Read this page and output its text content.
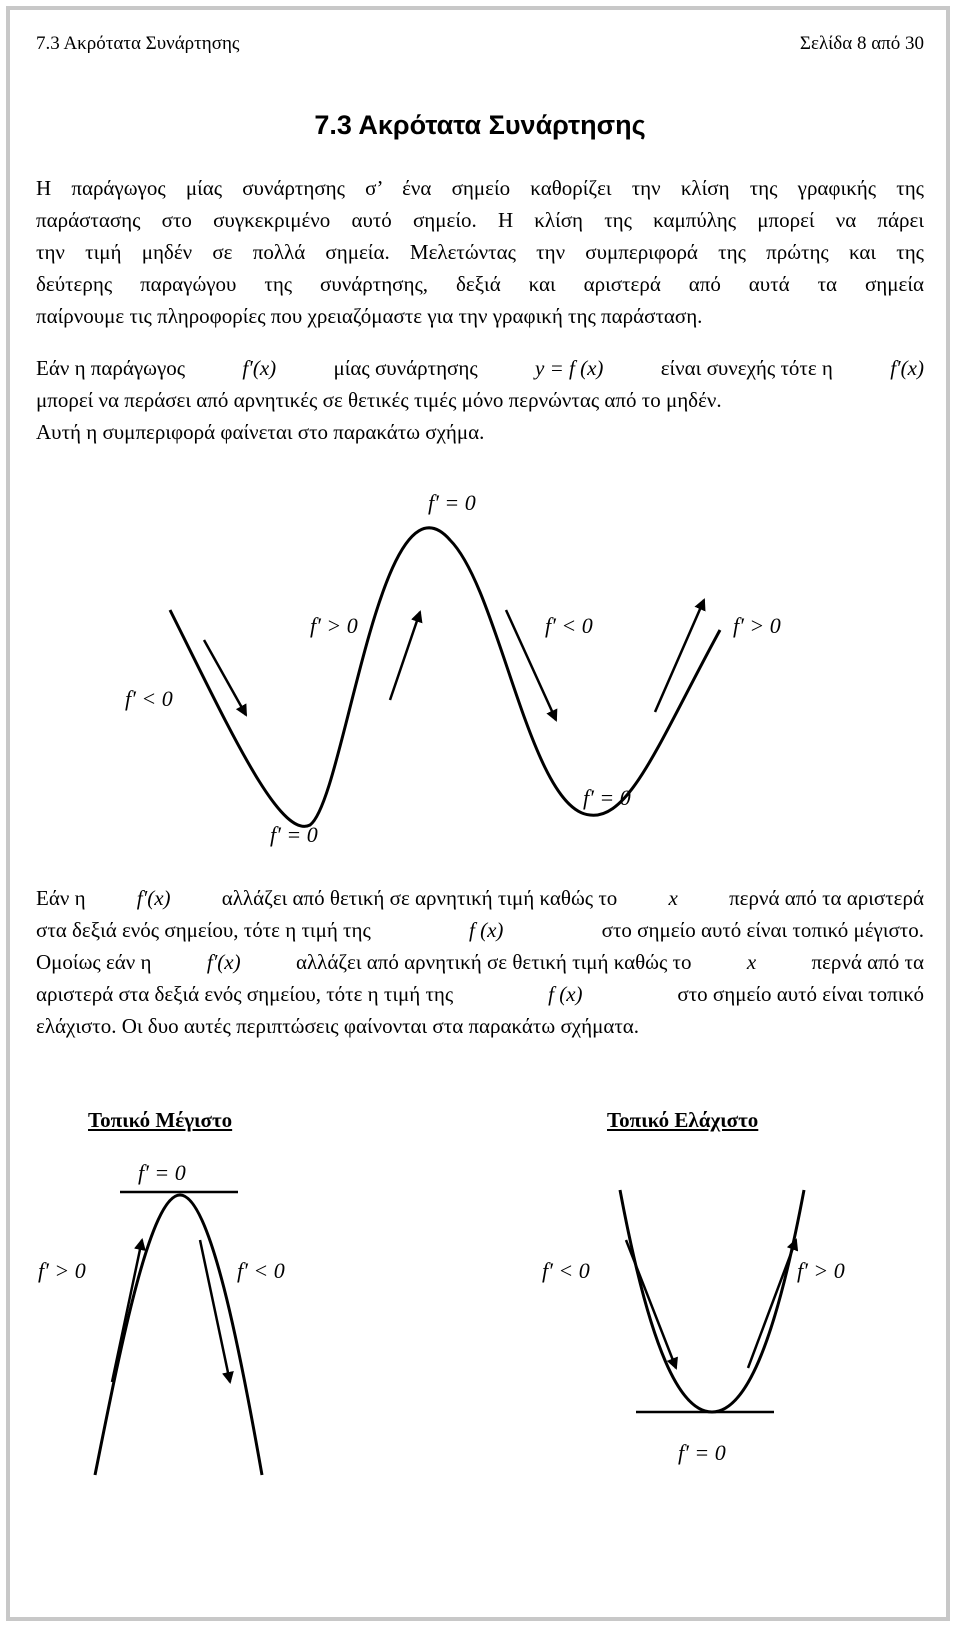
7.3 Ακρότατα Συνάρτησης	Σελίδα 8 από 30
7.3 Ακρότατα Συνάρτησης
Η παράγωγος μίας συνάρτησης σ’ ένα σημείο καθορίζει την κλίση της γραφικής της
παράστασης στο συγκεκριμένο αυτό σημείο. Η κλίση της καμπύλης μπορεί να πάρει
την τιμή μηδέν σε πολλά σημεία. Μελετώντας την συμπεριφορά της πρώτης και της
δεύτερης παραγώγου της συνάρτησης, δεξιά και αριστερά από αυτά τα σημεία
παίρνουμε τις πληροφορίες που χρειαζόμαστε για την γραφική της παράσταση.
Εάν η παράγωγος	f′(x)	μίας συνάρτησης	y = f (x)	είναι συνεχής τότε η	f′(x)
μπορεί να περάσει από αρνητικές σε θετικές τιμές μόνο περνώντας από το μηδέν.
Αυτή η συμπεριφορά φαίνεται στο παρακάτω σχήμα.
f′ = 0
f′ > 0	f′ < 0	f′ > 0
f′ < 0
f′ = 0
f′ = 0
Εάν η f′(x) αλλάζει από θετική σε αρνητική τιμή καθώς το x περνά από τα αριστερά
στα δεξιά ενός σημείου, τότε η τιμή της	f (x)	στο σημείο αυτό είναι τοπικό μέγιστο.
Ομοίως εάν η	f′(x)	αλλάζει από αρνητική σε θετική τιμή καθώς το	x	περνά από τα
αριστερά στα δεξιά ενός σημείου, τότε η τιμή της	f (x)	στο σημείο αυτό είναι τοπικό
ελάχιστο. Οι δυο αυτές περιπτώσεις φαίνονται στα παρακάτω σχήματα.
Τοπικό Μέγιστο	Τοπικό Ελάχιστο
f′ = 0
f′ > 0	f′ < 0	f′ < 0	f′ > 0
f′ = 0
